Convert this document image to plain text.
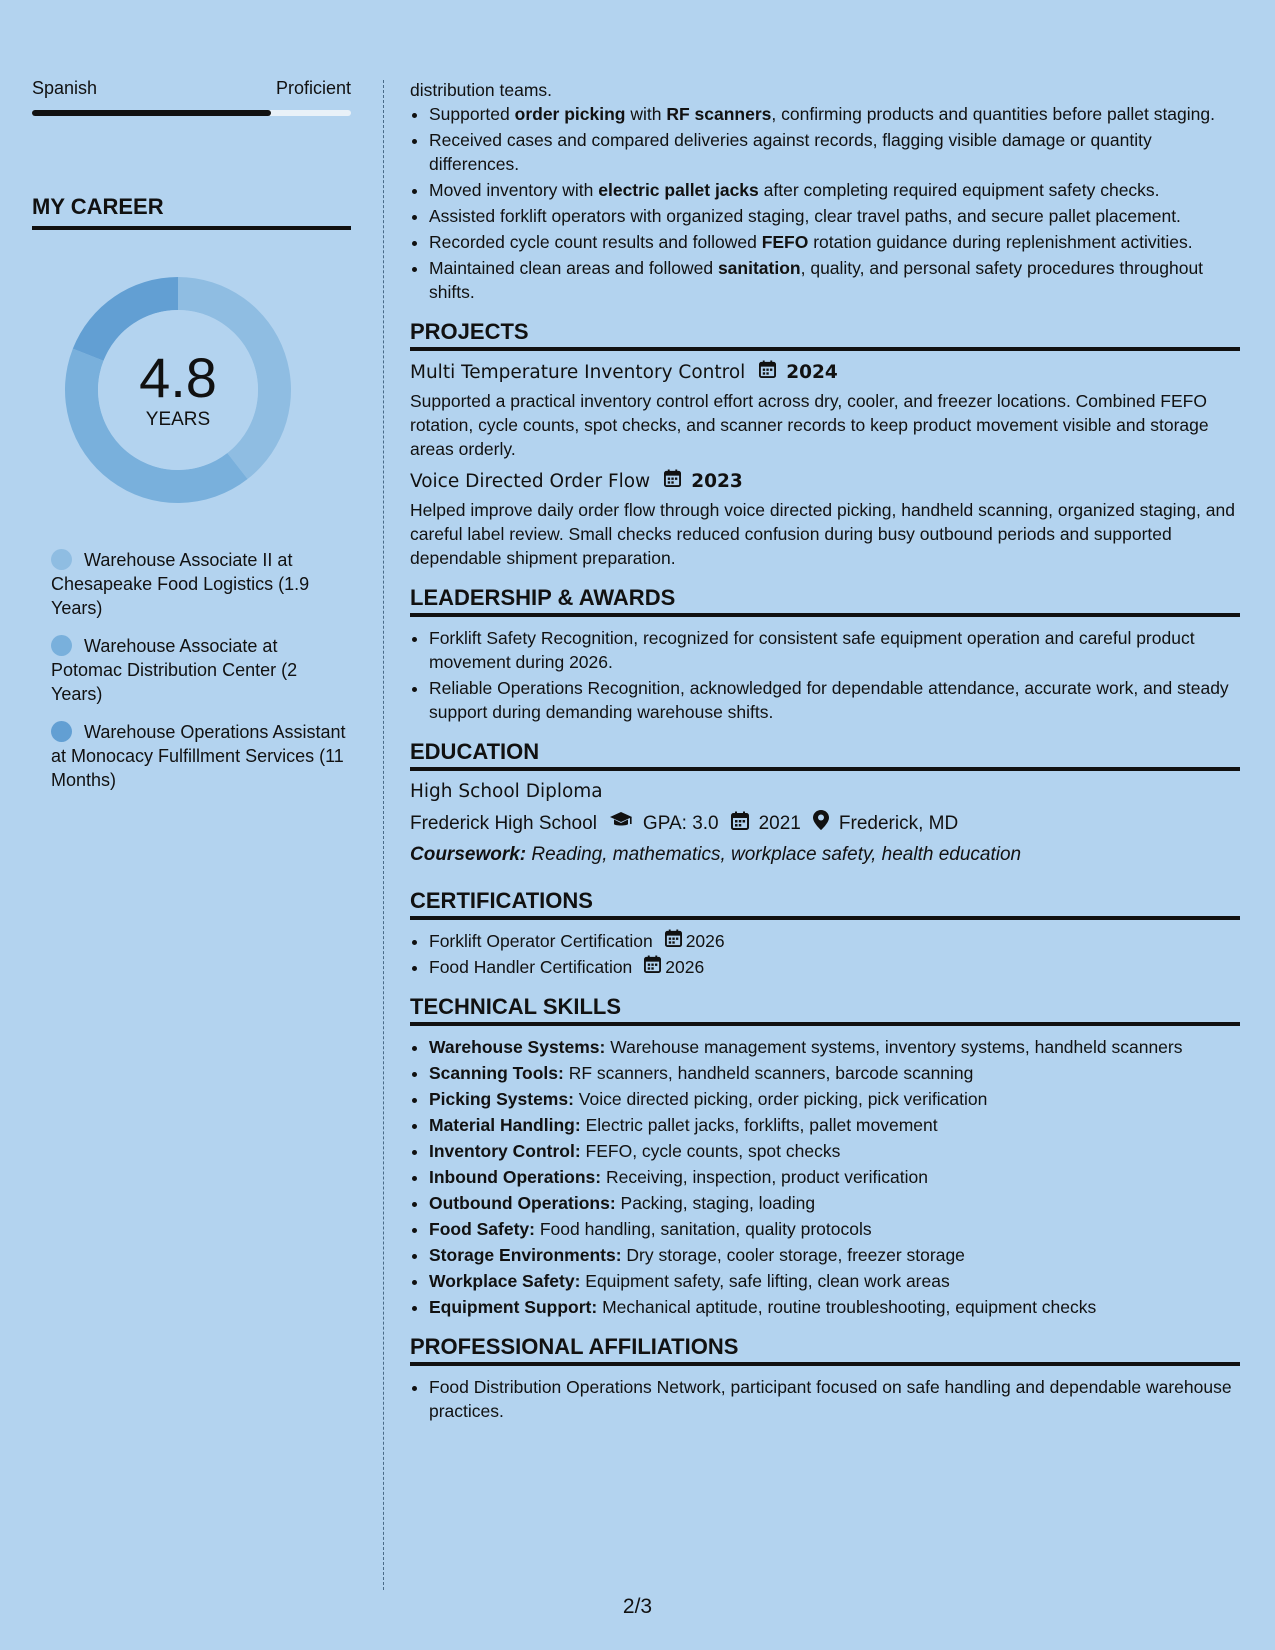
Spanish	Proficient
MY CAREER
4.8
YEARS
Warehouse Associate II at Chesapeake Food Logistics (1.9 Years)
Warehouse Associate at Potomac Distribution Center (2 Years)
Warehouse Operations Assistant at Monocacy Fulfillment Services (11 Months)
distribution teams.
• Supported order picking with RF scanners, confirming products and quantities before pallet staging.
• Received cases and compared deliveries against records, flagging visible damage or quantity differences.
• Moved inventory with electric pallet jacks after completing required equipment safety checks.
• Assisted forklift operators with organized staging, clear travel paths, and secure pallet placement.
• Recorded cycle count results and followed FEFO rotation guidance during replenishment activities.
• Maintained clean areas and followed sanitation, quality, and personal safety procedures throughout shifts.
PROJECTS
Multi Temperature Inventory Control 2024
Supported a practical inventory control effort across dry, cooler, and freezer locations. Combined FEFO rotation, cycle counts, spot checks, and scanner records to keep product movement visible and storage areas orderly.
Voice Directed Order Flow 2023
Helped improve daily order flow through voice directed picking, handheld scanning, organized staging, and careful label review. Small checks reduced confusion during busy outbound periods and supported dependable shipment preparation.
LEADERSHIP & AWARDS
• Forklift Safety Recognition, recognized for consistent safe equipment operation and careful product movement during 2026.
• Reliable Operations Recognition, acknowledged for dependable attendance, accurate work, and steady support during demanding warehouse shifts.
EDUCATION
High School Diploma
Frederick High School GPA: 3.0 2021 Frederick, MD
Coursework: Reading, mathematics, workplace safety, health education
CERTIFICATIONS
• Forklift Operator Certification 2026
• Food Handler Certification 2026
TECHNICAL SKILLS
• Warehouse Systems: Warehouse management systems, inventory systems, handheld scanners
• Scanning Tools: RF scanners, handheld scanners, barcode scanning
• Picking Systems: Voice directed picking, order picking, pick verification
• Material Handling: Electric pallet jacks, forklifts, pallet movement
• Inventory Control: FEFO, cycle counts, spot checks
• Inbound Operations: Receiving, inspection, product verification
• Outbound Operations: Packing, staging, loading
• Food Safety: Food handling, sanitation, quality protocols
• Storage Environments: Dry storage, cooler storage, freezer storage
• Workplace Safety: Equipment safety, safe lifting, clean work areas
• Equipment Support: Mechanical aptitude, routine troubleshooting, equipment checks
PROFESSIONAL AFFILIATIONS
• Food Distribution Operations Network, participant focused on safe handling and dependable warehouse practices.
2/3
